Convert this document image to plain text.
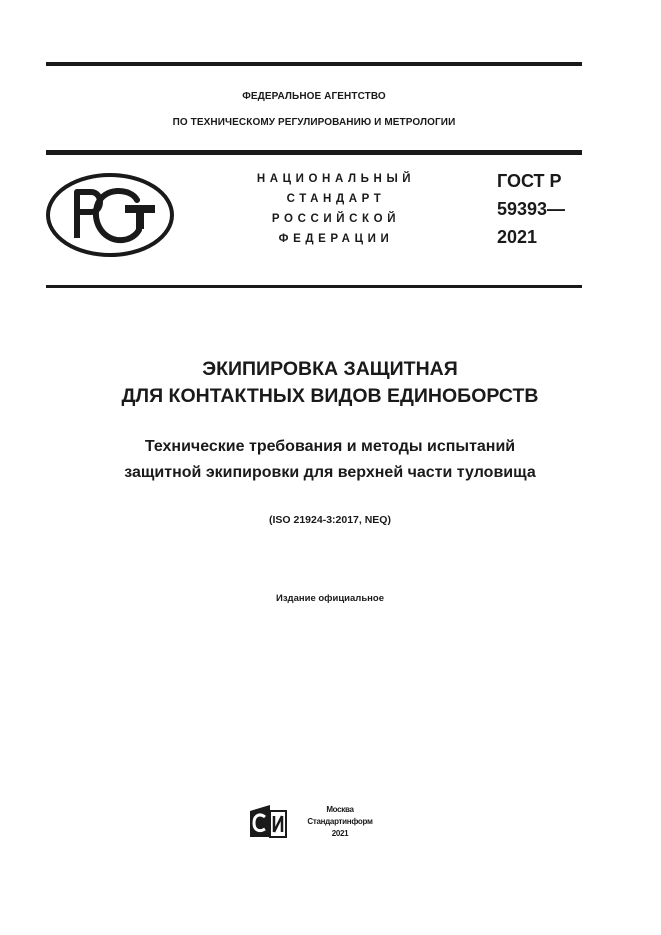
ФЕДЕРАЛЬНОЕ АГЕНТСТВО
ПО ТЕХНИЧЕСКОМУ РЕГУЛИРОВАНИЮ И МЕТРОЛОГИИ
НАЦИОНАЛЬНЫЙ
СТАНДАРТ
РОССИЙСКОЙ
ФЕДЕРАЦИИ
ГОСТ Р
59393—
2021
ЭКИПИРОВКА ЗАЩИТНАЯ
ДЛЯ КОНТАКТНЫХ ВИДОВ ЕДИНОБОРСТВ
Технические требования и методы испытаний
защитной экипировки для верхней части туловища
(ISO 21924-3:2017, NEQ)
Издание официальное
Москва
Стандартинформ
2021
